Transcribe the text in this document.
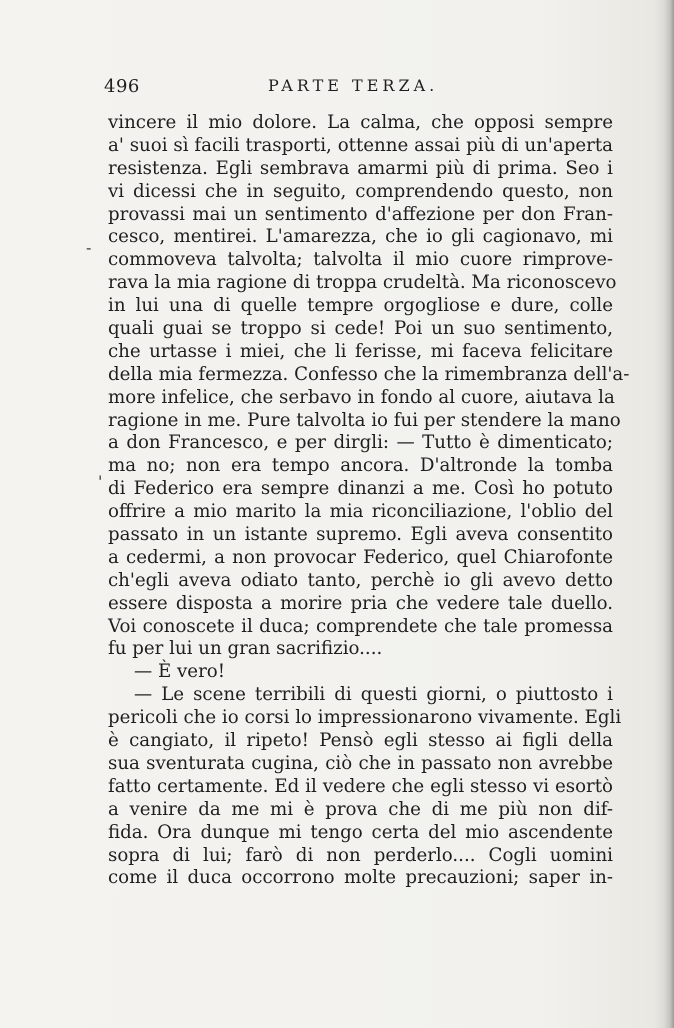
496	PARTE TERZA.
-
'
vincere il mio dolore. La calma, che opposi sempre
a' suoi sì facili trasporti, ottenne assai più di un'aperta
resistenza. Egli sembrava amarmi più di prima. Seo i
vi dicessi che in seguito, comprendendo questo, non
provassi mai un sentimento d'affezione per don Fran-
cesco, mentirei. L'amarezza, che io gli cagionavo, mi
commoveva talvolta; talvolta il mio cuore rimprove-
rava la mia ragione di troppa crudeltà. Ma riconoscevo
in lui una di quelle tempre orgogliose e dure, colle
quali guai se troppo si cede! Poi un suo sentimento,
che urtasse i miei, che li ferisse, mi faceva felicitare
della mia fermezza. Confesso che la rimembranza dell'a-
more infelice, che serbavo in fondo al cuore, aiutava la
ragione in me. Pure talvolta io fui per stendere la mano
a don Francesco, e per dirgli: — Tutto è dimenticato;
ma no; non era tempo ancora. D'altronde la tomba
di Federico era sempre dinanzi a me. Così ho potuto
offrire a mio marito la mia riconciliazione, l'oblio del
passato in un istante supremo. Egli aveva consentito
a cedermi, a non provocar Federico, quel Chiarofonte
ch'egli aveva odiato tanto, perchè io gli avevo detto
essere disposta a morire pria che vedere tale duello.
Voi conoscete il duca; comprendete che tale promessa
fu per lui un gran sacrifizio....
— È vero!
— Le scene terribili di questi giorni, o piuttosto i
pericoli che io corsi lo impressionarono vivamente. Egli
è cangiato, il ripeto! Pensò egli stesso ai figli della
sua sventurata cugina, ciò che in passato non avrebbe
fatto certamente. Ed il vedere che egli stesso vi esortò
a venire da me mi è prova che di me più non dif-
fida. Ora dunque mi tengo certa del mio ascendente
sopra di lui; farò di non perderlo.... Cogli uomini
come il duca occorrono molte precauzioni; saper in-
